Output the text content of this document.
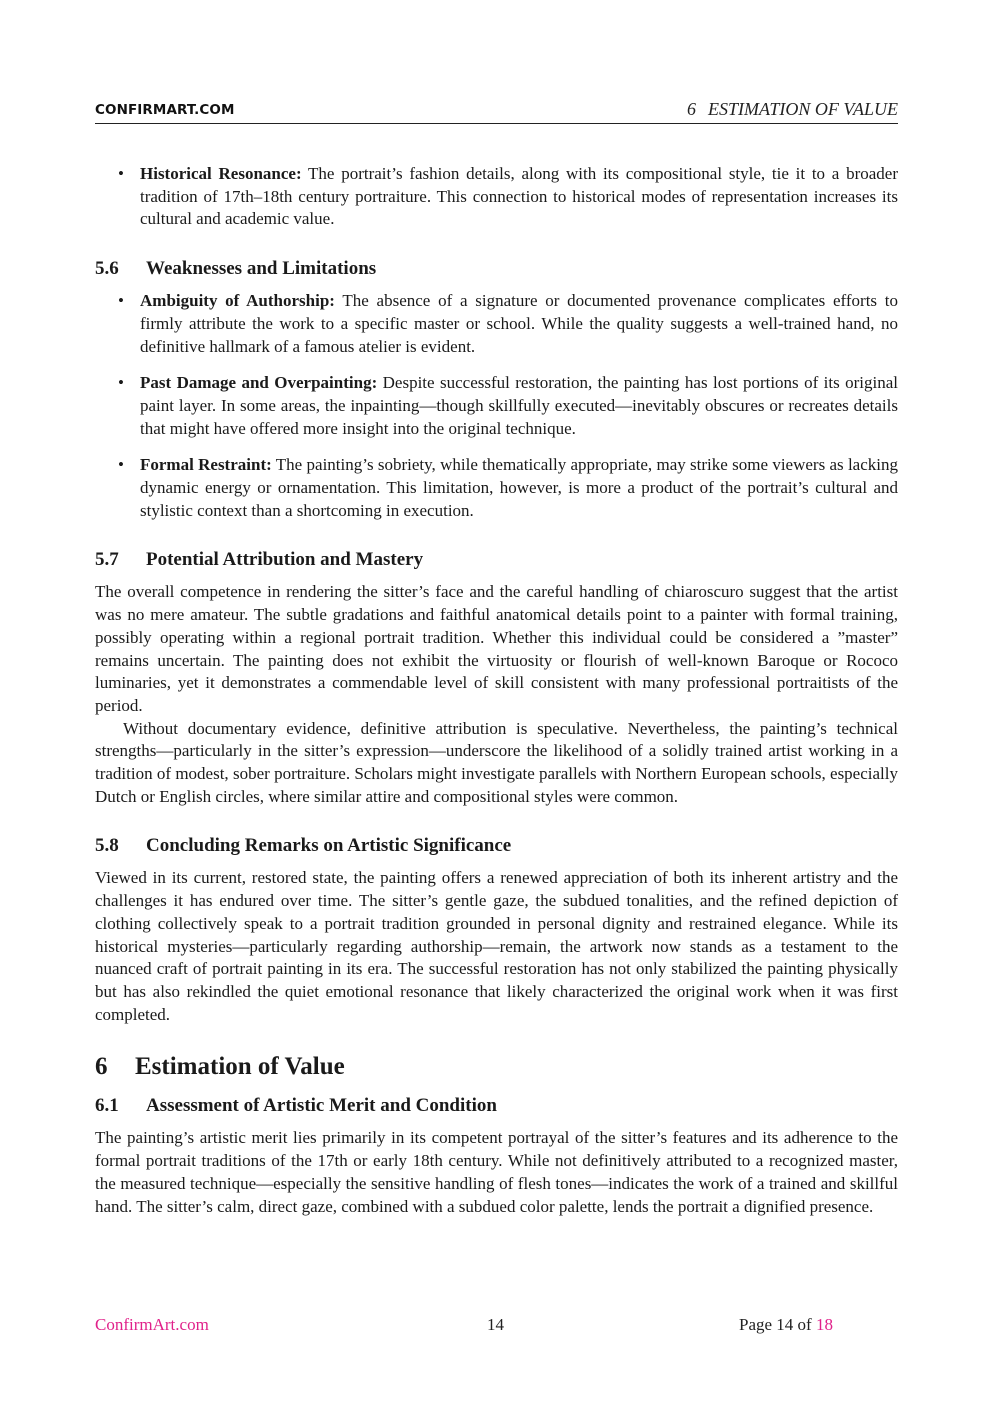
CONFIRMART.COM	6 ESTIMATION OF VALUE
• Historical Resonance: The portrait’s fashion details, along with its compositional style, tie it to a broader tradition of 17th–18th century portraiture. This connection to historical modes of representation increases its cultural and academic value.
5.6 Weaknesses and Limitations
• Ambiguity of Authorship: The absence of a signature or documented provenance complicates efforts to firmly attribute the work to a specific master or school. While the quality suggests a well-trained hand, no definitive hallmark of a famous atelier is evident.
• Past Damage and Overpainting: Despite successful restoration, the painting has lost portions of its original paint layer. In some areas, the inpainting—though skillfully executed—inevitably obscures or recreates details that might have offered more insight into the original technique.
• Formal Restraint: The painting’s sobriety, while thematically appropriate, may strike some viewers as lacking dynamic energy or ornamentation. This limitation, however, is more a product of the portrait’s cultural and stylistic context than a shortcoming in execution.
5.7 Potential Attribution and Mastery

The overall competence in rendering the sitter’s face and the careful handling of chiaroscuro suggest that the artist was no mere amateur. The subtle gradations and faithful anatomical details point to a painter with formal training, possibly operating within a regional portrait tradition. Whether this individual could be considered a ”master” remains uncertain. The painting does not exhibit the virtuosity or flourish of well-known Baroque or Rococo luminaries, yet it demonstrates a commendable level of skill consistent with many professional portraitists of the period.

Without documentary evidence, definitive attribution is speculative. Nevertheless, the painting’s technical strengths—particularly in the sitter’s expression—underscore the likelihood of a solidly trained artist working in a tradition of modest, sober portraiture. Scholars might investigate parallels with Northern European schools, especially Dutch or English circles, where similar attire and compositional styles were common.

5.8 Concluding Remarks on Artistic Significance

Viewed in its current, restored state, the painting offers a renewed appreciation of both its inherent artistry and the challenges it has endured over time. The sitter’s gentle gaze, the subdued tonalities, and the refined depiction of clothing collectively speak to a portrait tradition grounded in personal dignity and restrained elegance. While its historical mysteries—particularly regarding authorship—remain, the artwork now stands as a testament to the nuanced craft of portrait painting in its era. The successful restoration has not only stabilized the painting physically but has also rekindled the quiet emotional resonance that likely characterized the original work when it was first completed.

6 Estimation of Value
6.1 Assessment of Artistic Merit and Condition

The painting’s artistic merit lies primarily in its competent portrayal of the sitter’s features and its adherence to the formal portrait traditions of the 17th or early 18th century. While not definitively attributed to a recognized master, the measured technique—especially the sensitive handling of flesh tones—indicates the work of a trained and skillful hand. The sitter’s calm, direct gaze, combined with a subdued color palette, lends the portrait a dignified presence.

ConfirmArt.com	14	Page 14 of 18
